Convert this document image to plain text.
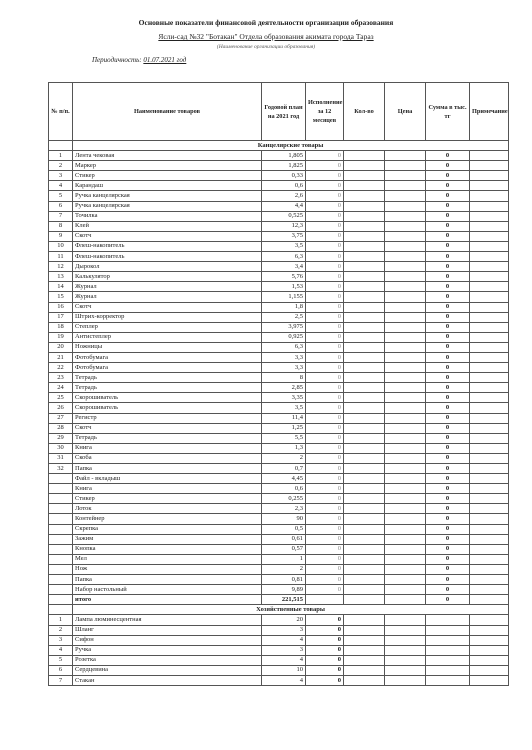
Основные показатели финансовой деятельности организации образования
Ясли-сад №32 "Ботакан" Отдела образования акимата города Тараз
(Наименование организации образования)
Периодичность: 01.07.2021 год
№ п/п.	Наименование товаров	Годовой план на 2021 год	Исполнение за 12 месяцев	Кол-во	Цена	Сумма в тыс. тг	Примечание
	Канцелярские товары						
1	Лента чековая	1,805	0			0	
2	Маркер	1,825	0			0	
3	Стикер	0,33	0			0	
4	Карандаш	0,6	0			0	
5	Ручка канцелярская	2,6	0			0	
6	Ручка канцелярская	4,4	0			0	
7	Точилка	0,525	0			0	
8	Клей	12,3	0			0	
9	Скотч	3,75	0			0	
10	Флеш-накопитель	3,5	0			0	
11	Флеш-накопитель	6,3	0			0	
12	Дырокол	3,4	0			0	
13	Калькулятор	5,76	0			0	
14	Журнал	1,53	0			0	
15	Журнал	1,155	0			0	
16	Скотч	1,8	0			0	
17	Штрих-корректор	2,5	0			0	
18	Степлер	3,975	0			0	
19	Антистеплер	0,925	0			0	
20	Ножницы	6,3	0			0	
21	Фотобумага	3,3	0			0	
22	Фотобумага	3,3	0			0	
23	Тетрадь	8	0			0	
24	Тетрадь	2,85	0			0	
25	Скорошиватель	3,35	0			0	
26	Скорошиватель	3,5	0			0	
27	Регистр	11,4	0			0	
28	Скотч	1,25	0			0	
29	Тетрадь	5,5	0			0	
30	Книга	1,3	0			0	
31	Скоба	2	0			0	
32	Папка	0,7	0			0	
	Файл - вкладыш	4,45	0			0	
	Книга	0,6	0			0	
	Стикер	0,255	0			0	
	Лоток	2,3	0			0	
	Контейнер	90	0			0	
	Скрепка	0,5	0			0	
	Зажим	0,61	0			0	
	Кнопка	0,57	0			0	
	Мел	1	0			0	
	Нож	2	0			0	
	Папка	0,81	0			0	
	Набор настольный	9,89	0			0	
	итого	221,515				0	
	Хозяйственные товары						
1	Лампа люминесцентная	20	0				
2	Шланг	3	0				
3	Сифон	4	0				
4	Ручка	3	0				
5	Розетка	4	0				
6	Сердцевина	10	0				
7	Стакан	4	0				
